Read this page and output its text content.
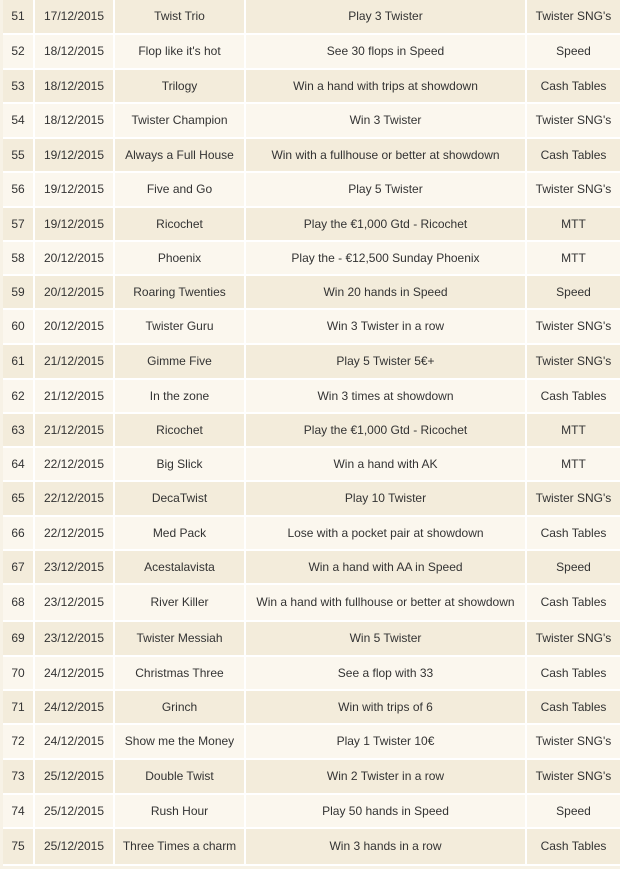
51	17/12/2015	Twist Trio	Play 3 Twister	Twister SNG's
52	18/12/2015	Flop like it's hot	See 30 flops in Speed	Speed
53	18/12/2015	Trilogy	Win a hand with trips at showdown	Cash Tables
54	18/12/2015	Twister Champion	Win 3 Twister	Twister SNG's
55	19/12/2015	Always a Full House	Win with a fullhouse or better at showdown	Cash Tables
56	19/12/2015	Five and Go	Play 5 Twister	Twister SNG's
57	19/12/2015	Ricochet	Play the €1,000 Gtd - Ricochet	MTT
58	20/12/2015	Phoenix	Play the - €12,500 Sunday Phoenix	MTT
59	20/12/2015	Roaring Twenties	Win 20 hands in Speed	Speed
60	20/12/2015	Twister Guru	Win 3 Twister in a row	Twister SNG's
61	21/12/2015	Gimme Five	Play 5 Twister 5€+	Twister SNG's
62	21/12/2015	In the zone	Win 3 times at showdown	Cash Tables
63	21/12/2015	Ricochet	Play the €1,000 Gtd - Ricochet	MTT
64	22/12/2015	Big Slick	Win a hand with AK	MTT
65	22/12/2015	DecaTwist	Play 10 Twister	Twister SNG's
66	22/12/2015	Med Pack	Lose with a pocket pair at showdown	Cash Tables
67	23/12/2015	Acestalavista	Win a hand with AA in Speed	Speed
68	23/12/2015	River Killer	Win a hand with fullhouse or better at showdown	Cash Tables
69	23/12/2015	Twister Messiah	Win 5 Twister	Twister SNG's
70	24/12/2015	Christmas Three	See a flop with 33	Cash Tables
71	24/12/2015	Grinch	Win with trips of 6	Cash Tables
72	24/12/2015	Show me the Money	Play 1 Twister 10€	Twister SNG's
73	25/12/2015	Double Twist	Win 2 Twister in a row	Twister SNG's
74	25/12/2015	Rush Hour	Play 50 hands in Speed	Speed
75	25/12/2015	Three Times a charm	Win 3 hands in a row	Cash Tables
